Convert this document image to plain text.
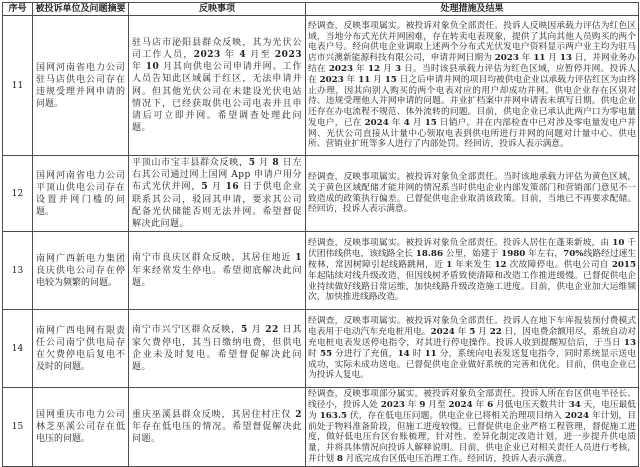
序号	被投诉单位及问题摘要	反映事项	处理措施及结果
11	国网河南省电力公司驻马店供电公司存在违规受理并网申请的问题。	驻马店市泌阳县群众反映，其为光伏公司工作人员，2023 年 4 月至 2023 年 10 月其向供电公司申请并网。工作人员告知此区域属于红区，无法申请并网。但其他光伏公司在未建设光伏电站情况下，已经获取供电公司电表并且申请后可立即并网。希望调查处理此问题。	经调查，反映事项属实。被投诉对象负全部责任。投诉人反映因承载力评估为红色区域，当地分布式光伏并网困难，存在转卖电表现象，提供了其向其他人员购买的两个电表户号。经向供电企业调取上述两个分布式光伏发电户资料显示两户业主均为驻马店市兴澳新能源科技有限公司，申请并网日期为 2023 年 11 月 13 日，并网业务办结在 2023 年 12 月 3 日。当时该县承载力评估为红色区域，应暂停并网。投诉人在 2023 年 11 月 15 日之后申请并网的项目均被供电企业以承载力评估红区为由终止办理，因其向别人购买的两个电表对应的用户却成功并网。供电企业存在区别对待、违规受理他人并网申请的问题。并业扩档案中并网申请表未填写日期。供电企业还存在办电流程不规范、体外流转的问题。目前，供电企业已承认此两户口为零电量发电户，已在 2024 年 4 月 15 日销户。并在内部检查中已对涉及零电量发电户并网、光伏公司直接从计量中心领取电表到供电所进行并网的问题对计量中心、供电所、营销业扩班等多人进行了内部处罚。经回访，投诉人表示满意。
12	国网河南省电力公司平顶山供电公司存在设置并网门槛的问题。	平顶山市宝丰县群众反映，5 月 8 日左右其公司通过网上国网 App 申请户用分布式光伏并网，5 月 16 日于供电企业联系其公司，驳回其申请，要求其公司配备光伏储能否则无法并网。希望督促解决此问题。	经调查，反映事项属实。被投诉对象负全部责任。当时该地承载力评估为黄色区域，关于黄色区域配储才能并网的情况系当时供电企业内部发策部门和营销部门意见不一致造成的政策执行偏差。已督促供电企业取消该政策。目前，当地已不再要求配储。经回访，投诉人表示满意。
13	南网广西新电力集团良庆供电公司存在停电较为频繁的问题。	南宁市良庆区群众反映，其居住地近 1 年来经常发生停电。希望彻底解决此问题。	经调查，反映事项属实。被投诉对象负全部责任。投诉人居住在蓬莱新坡，由 10 千伏团伟线供电，该线路全长 18.86 公里，始建于 1980 年左右，70%线路经过速生桉林，常因树障引起线路跳闸，近 1 年来发生 12 次故障停电。供电公司自 2015 年起陆续对线升级改造，但因线树矛盾致使清障和改造工作推进缓慢。已督促供电企业持续做好线路日常运维，加快线路升级改造施工进度。目前，供电企业加大运维频次，加快推进线路改造。
14	南网广西电网有限责任公司南宁供电局存在欠费停电后复电不及时的问题。	南宁市兴宁区群众反映，5 月 22 日其家欠费停电，其当日缴纳电费，但供电企业未及时复电。希望督促解决此问题。	经调查，反映事项属实。被投诉对象负全部责任。投诉人在地下车库报装预付费模式电表用于电动汽车充电桩用电。2024 年 5 月 22 日，因电费余额用尽，系统自动对充电桩电表发送停电指令，对其进行停电操作。投诉人收到提醒短信后，于当日 13 时 55 分进行了充值，14 时 11 分，系统向电表发送复电指令，同时系统显示送电成功，实际未成功送电。已督促供电企业做好系统的完善和优化。目前，供电企业已为投诉人复电。
15	国网重庆市电力公司林芝巫溪公司存在低电压的问题。	重庆巫溪县群众反映，其居住村庄仅 2 年存在低电压的情况。希望督促解决此问题。	经调查，反映事项部分属实。被投诉对象负全部责任。投诉人所在台区供电半径长、线径小，投诉人处 2023 年 9 月至 2024 年 6 月低电压天数共计 34 天，电压最低为 163.5 伏，存在低电压问题。供电企业已将相关治理项目纳入 2024 年计划，目前处于物料准备阶段，但施工进度较慢。已督促供电企业严格工程管理，督促施工进度，做好低电压台区台账梳理，针对性、差异化制定改造计划，进一步提升供电质量，并将具体情况向投诉人解释说明。目前，供电企业已对相关责任人员进行考核，并计划 8 月底完成台区低电压治理工作。经回访，投诉人表示满意。
